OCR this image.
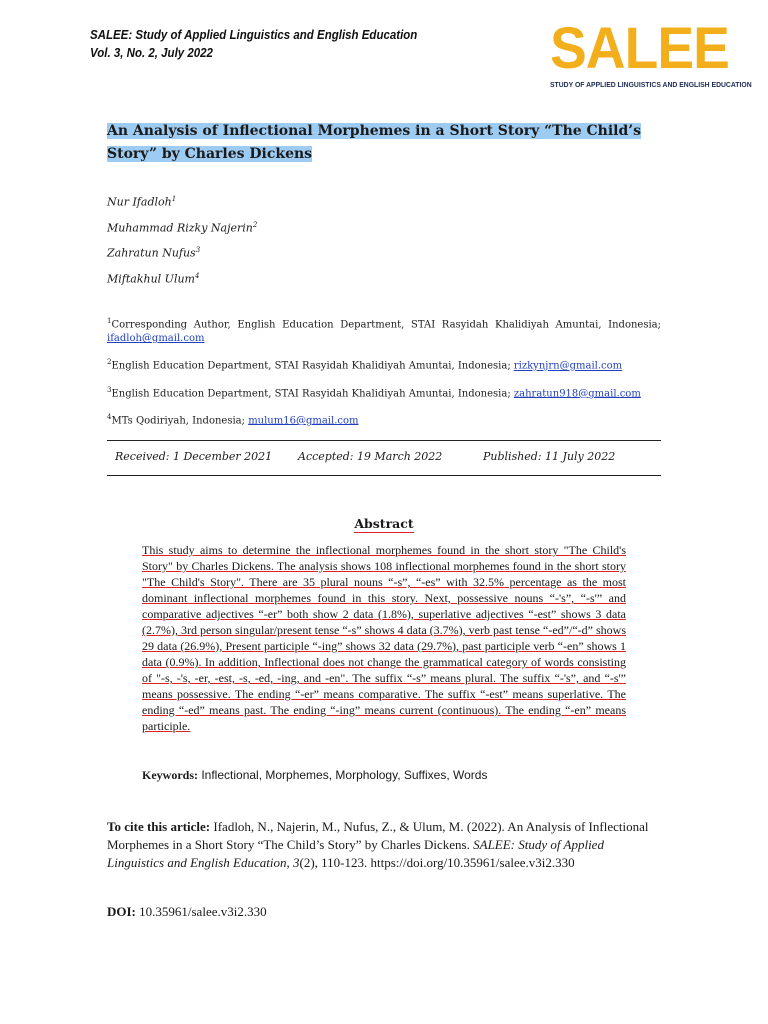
SALEE: Study of Applied Linguistics and English Education
Vol. 3, No. 2, July 2022	SALEE
STUDY OF APPLIED LINGUISTICS AND ENGLISH EDUCATION
An Analysis of Inflectional Morphemes in a Short Story “The Child’s Story” by Charles Dickens
Nur Ifadloh$^1$
Muhammad Rizky Najerin$^2$
Zahratun Nufus$^3$
Miftakhul Ulum$^4$

$^1$Corresponding Author, English Education Department, STAI Rasyidah Khalidiyah Amuntai, Indonesia; ifadloh@gmail.com

$^2$English Education Department, STAI Rasyidah Khalidiyah Amuntai, Indonesia; rizkynjrn@gmail.com

$^3$English Education Department, STAI Rasyidah Khalidiyah Amuntai, Indonesia; zahratun918@gmail.com

$^4$MTs Qodiriyah, Indonesia; mulum16@gmail.com

Received: 1 December 2021 Accepted: 19 March 2022	Published: 11 July 2022
Abstract
This study aims to determine the inflectional morphemes found in the short story "The Child's Story" by Charles Dickens. The analysis shows 108 inflectional morphemes found in the short story "The Child's Story". There are 35 plural nouns “-s”, “-es” with 32.5% percentage as the most dominant inflectional morphemes found in this story. Next, possessive nouns “-'s”, “-s'” and comparative adjectives “-er” both show 2 data (1.8%), superlative adjectives “-est” shows 3 data (2.7%), 3rd person singular/present tense “-s” shows 4 data (3.7%), verb past tense “-ed”/“-d” shows 29 data (26.9%), Present participle “-ing” shows 32 data (29.7%), past participle verb “-en” shows 1 data (0.9%). In addition, Inflectional does not change the grammatical category of words consisting of "-s, -'s, -er, -est, -s, -ed, -ing, and -en". The suffix “-s” means plural. The suffix “-'s”, and “-s'” means possessive. The ending “-er” means comparative. The suffix “-est” means superlative. The ending “-ed” means past. The ending “-ing” means current (continuous). The ending “-en” means participle.
Keywords: Inflectional, Morphemes, Morphology, Suffixes, Words
To cite this article: Ifadloh, N., Najerin, M., Nufus, Z., & Ulum, M. (2022). An Analysis of Inflectional Morphemes in a Short Story “The Child’s Story” by Charles Dickens. SALEE: Study of Applied Linguistics and English Education, 3(2), 110-123. https://doi.org/10.35961/salee.v3i2.330
DOI: 10.35961/salee.v3i2.330
